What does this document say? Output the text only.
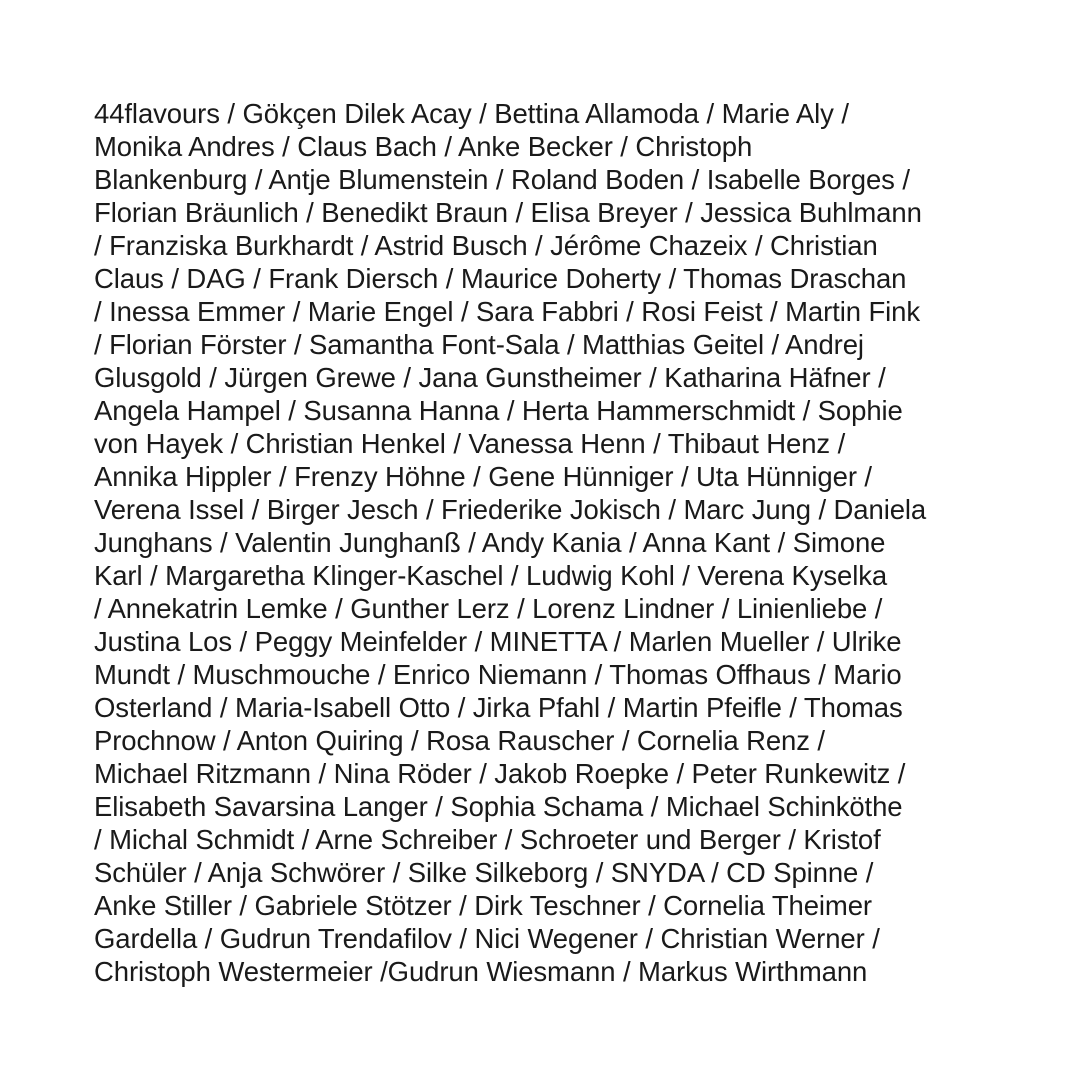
44flavours / Gökçen Dilek Acay / Bettina Allamoda / Marie Aly /
Monika Andres / Claus Bach / Anke Becker / Christoph
Blankenburg / Antje Blumenstein / Roland Boden / Isabelle Borges /
Florian Bräunlich / Benedikt Braun / Elisa Breyer / Jessica Buhlmann
/ Franziska Burkhardt / Astrid Busch / Jérôme Chazeix / Christian
Claus / DAG / Frank Diersch / Maurice Doherty / Thomas Draschan
/ Inessa Emmer / Marie Engel / Sara Fabbri / Rosi Feist / Martin Fink
/ Florian Förster / Samantha Font-Sala / Matthias Geitel / Andrej
Glusgold / Jürgen Grewe / Jana Gunstheimer / Katharina Häfner /
Angela Hampel / Susanna Hanna / Herta Hammerschmidt / Sophie
von Hayek / Christian Henkel / Vanessa Henn / Thibaut Henz /
Annika Hippler / Frenzy Höhne / Gene Hünniger / Uta Hünniger /
Verena Issel / Birger Jesch / Friederike Jokisch / Marc Jung / Daniela
Junghans / Valentin Junghanß / Andy Kania / Anna Kant / Simone
Karl / Margaretha Klinger-Kaschel / Ludwig Kohl / Verena Kyselka
/ Annekatrin Lemke / Gunther Lerz / Lorenz Lindner / Linienliebe /
Justina Los / Peggy Meinfelder / MINETTA / Marlen Mueller / Ulrike
Mundt / Muschmouche / Enrico Niemann / Thomas Offhaus / Mario
Osterland / Maria-Isabell Otto / Jirka Pfahl / Martin Pfeifle / Thomas
Prochnow / Anton Quiring / Rosa Rauscher / Cornelia Renz /
Michael Ritzmann / Nina Röder / Jakob Roepke / Peter Runkewitz /
Elisabeth Savarsina Langer / Sophia Schama / Michael Schinköthe
/ Michal Schmidt / Arne Schreiber / Schroeter und Berger / Kristof
Schüler / Anja Schwörer / Silke Silkeborg / SNYDA / CD Spinne /
Anke Stiller / Gabriele Stötzer / Dirk Teschner / Cornelia Theimer
Gardella / Gudrun Trendafilov / Nici Wegener / Christian Werner /
Christoph Westermeier /Gudrun Wiesmann / Markus Wirthmann
